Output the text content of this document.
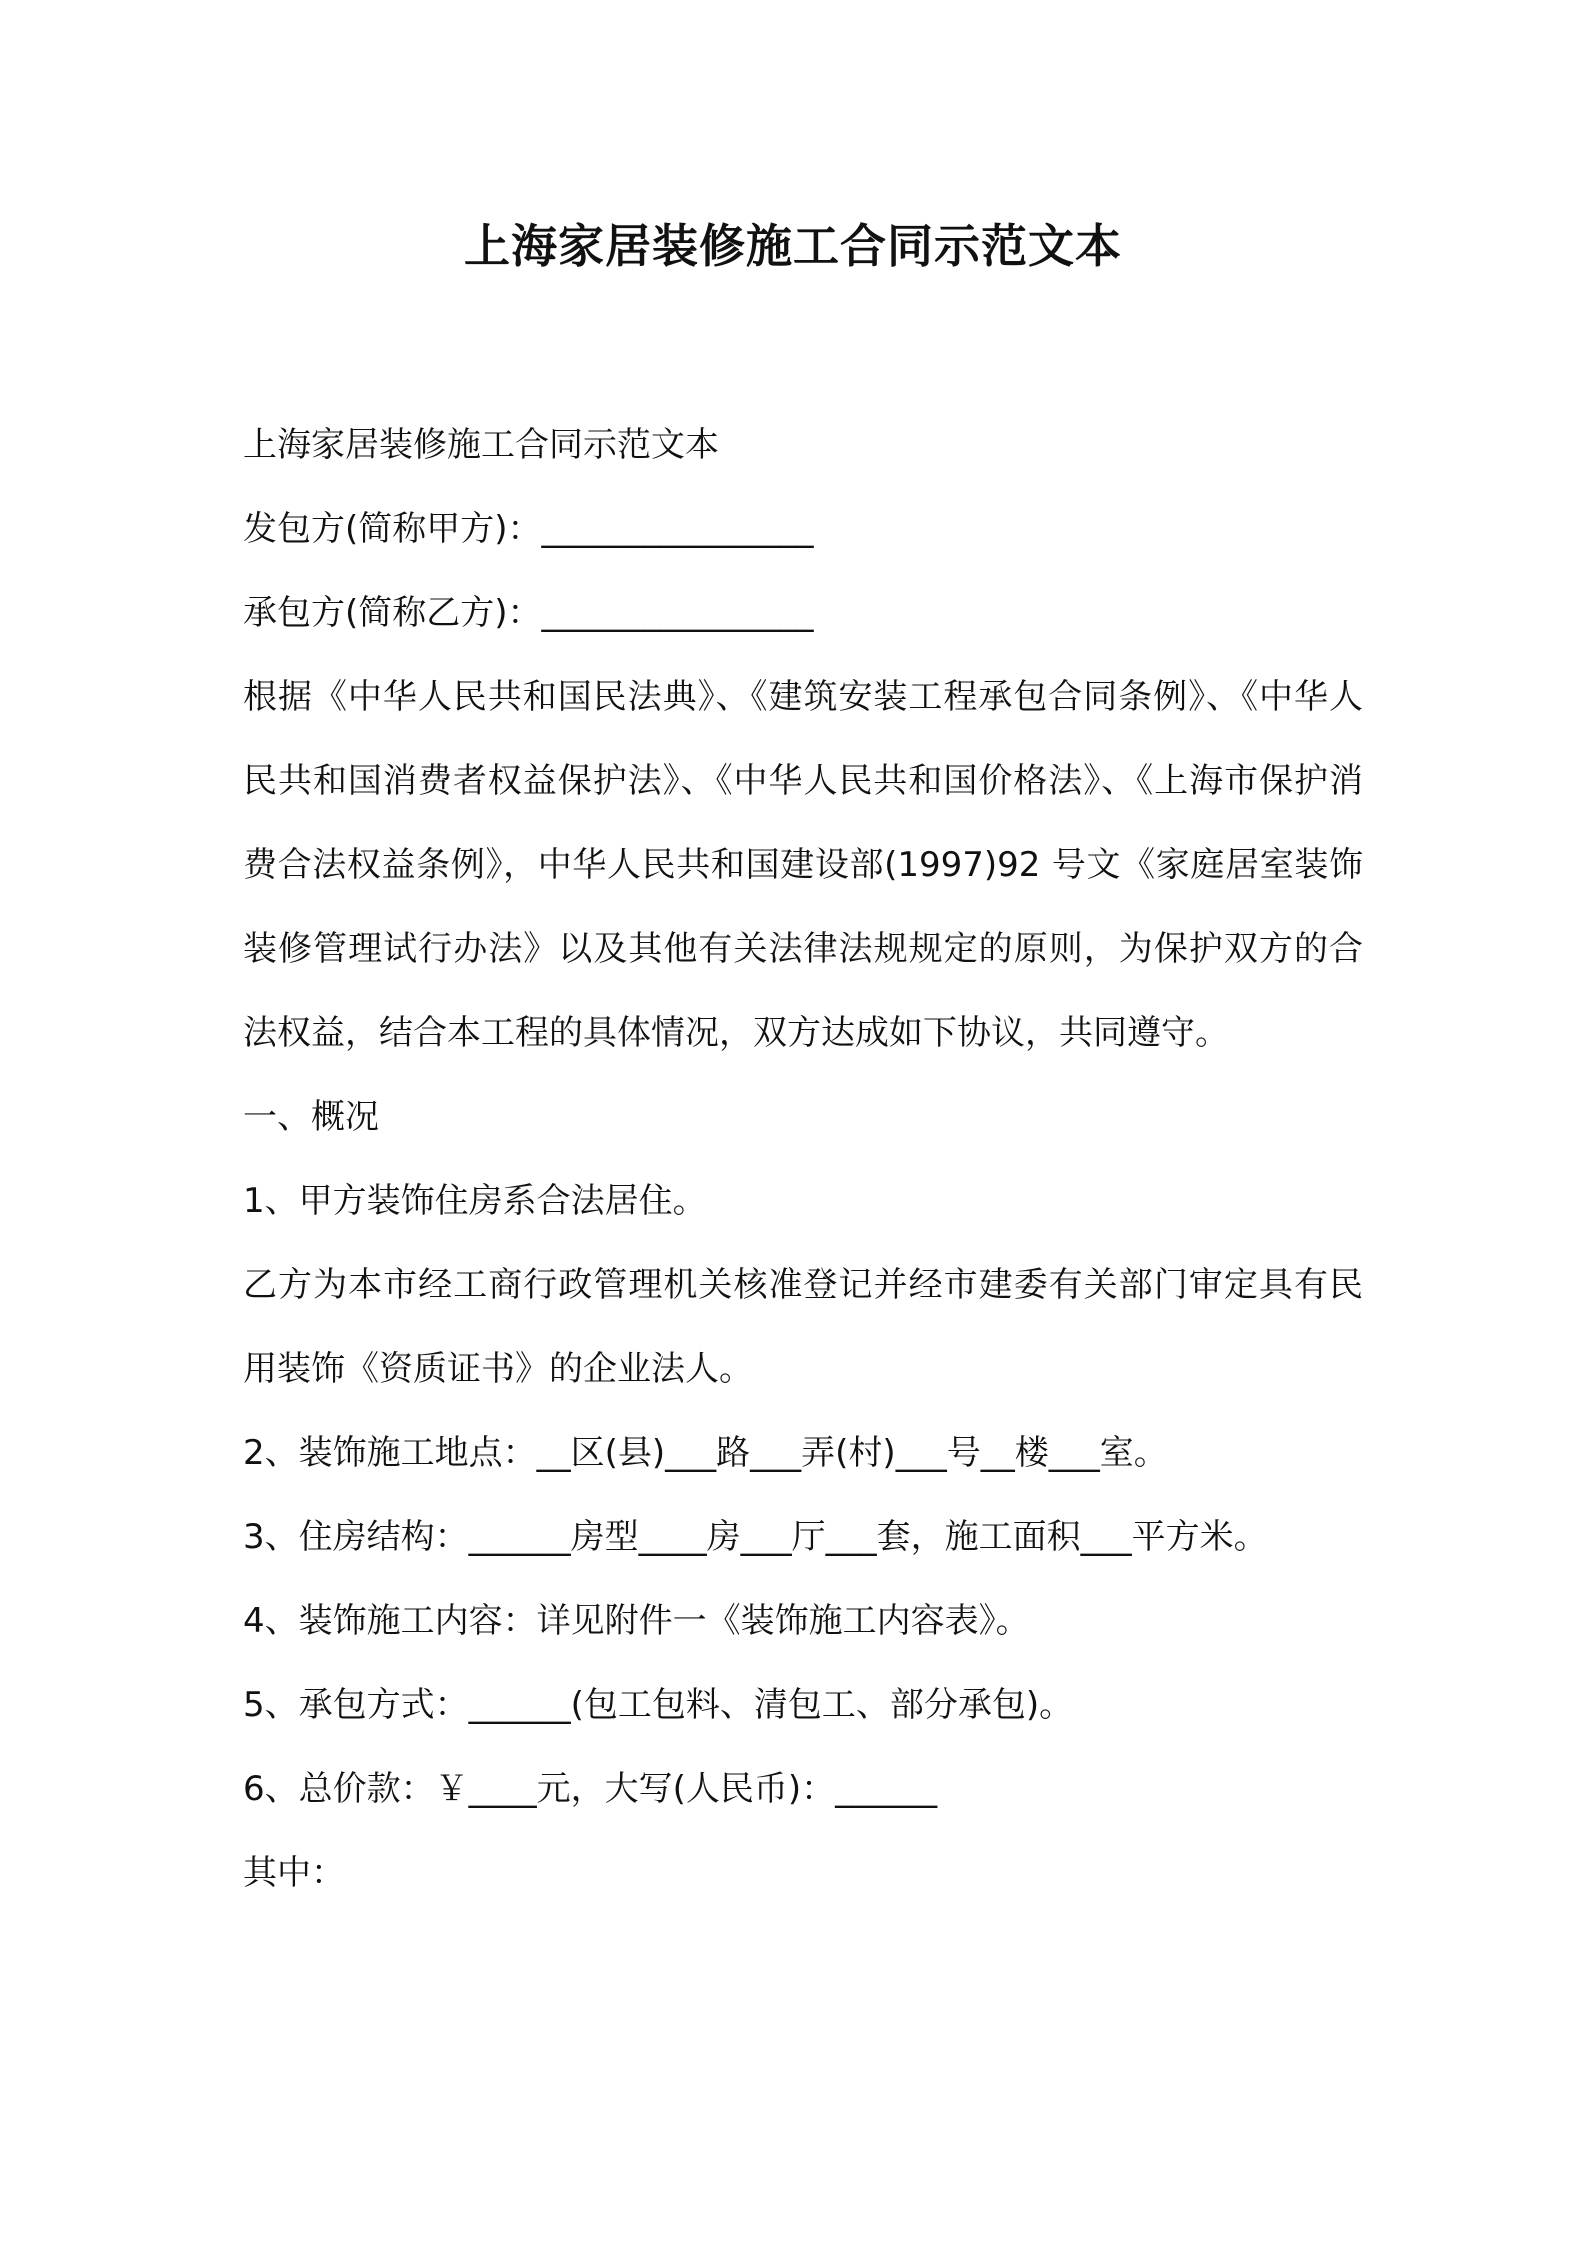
上海家居装修施工合同示范文本

上海家居装修施工合同示范文本

发包方(简称甲方)：________________

承包方(简称乙方)：________________

根据《中华人民共和国民法典》、《建筑安装工程承包合同条例》、《中华人民共和国消费者权益保护法》、《中华人民共和国价格法》、《上海市保护消费合法权益条例》，中华人民共和国建设部(1997)92 号文《家庭居室装饰装修管理试行办法》以及其他有关法律法规规定的原则，为保护双方的合法权益，结合本工程的具体情况，双方达成如下协议，共同遵守。

一、概况

1、甲方装饰住房系合法居住。

乙方为本市经工商行政管理机关核准登记并经市建委有关部门审定具有民用装饰《资质证书》的企业法人。

2、装饰施工地点：__区(县)___路___弄(村)___号__楼___室。

3、住房结构：______房型____房___厅___套，施工面积___平方米。

4、装饰施工内容：详见附件一《装饰施工内容表》。

5、承包方式：______(包工包料、清包工、部分承包)。

6、总价款：￥____元，大写(人民币)：______

其中：
